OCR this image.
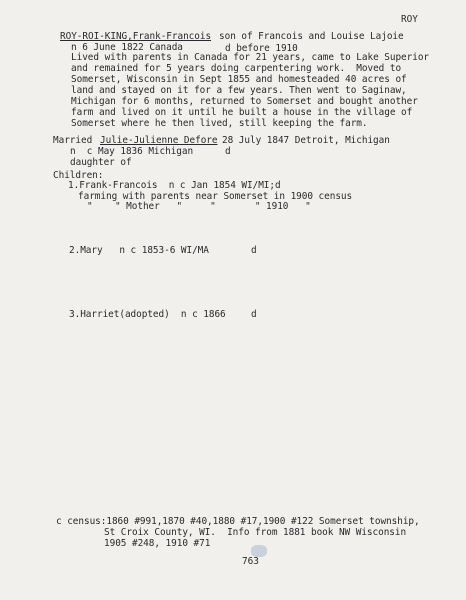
ROY
ROY-ROI-KING,Frank-Francois son of Francois and Louise Lajoie
n 6 June 1822 Canada	d before 1910
Lived with parents in Canada for 21 years, came to Lake Superior
and remained for 5 years doing carpentering work.  Moved to
Somerset, Wisconsin in Sept 1855 and homesteaded 40 acres of
land and stayed on it for a few years. Then went to Saginaw,
Michigan for 6 months, returned to Somerset and bought another
farm and lived on it until he built a house in the village of
Somerset where he then lived, still keeping the farm.
Married Julie-Julienne Defore 28 July 1847 Detroit, Michigan
n  c May 1836 Michigan	d
daughter of
Children:
1.Frank-Francois  n c Jan 1854 WI/MI;d
farming with parents near Somerset in 1900 census
"    " Mother   "     "       " 1910   "
2.Mary   n c 1853-6 WI/MA	d
3.Harriet(adopted)  n c 1866	d
c census:1860 #991,1870 #40,1880 #17,1900 #122 Somerset township,
St Croix County, WI.  Info from 1881 book NW Wisconsin
1905 #248, 1910 #71
763
